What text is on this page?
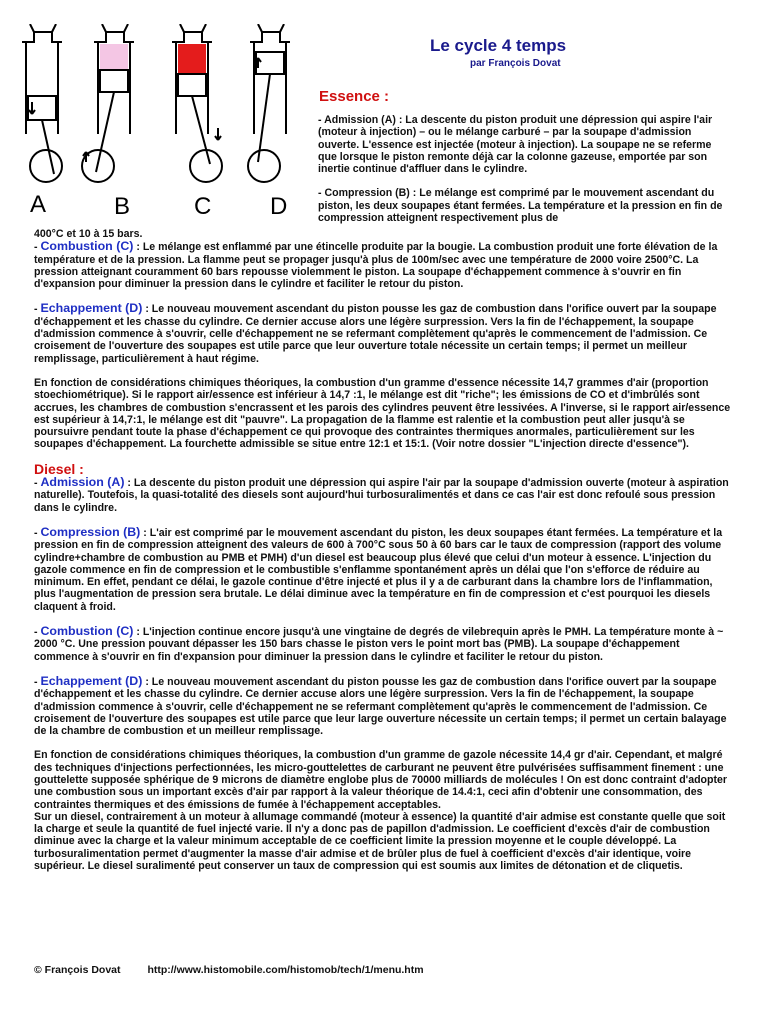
A	B	C D
Le cycle 4 temps
par François Dovat
Essence :

- Admission (A) : La descente du piston produit une dépression qui aspire l'air (moteur à injection) – ou le mélange carburé – par la soupape d'admission ouverte. L'essence est injectée (moteur à injection). La soupape ne se referme que lorsque le piston remonte déjà car la colonne gazeuse, emportée par son inertie continue d'affluer dans le cylindre.

- Compression (B) : Le mélange est comprimé par le mouvement ascendant du piston, les deux soupapes étant fermées. La température et la pression en fin de compression atteignent respectivement plus de

400°C et 10 à 15 bars.

- Combustion (C) : Le mélange est enflammé par une étincelle produite par la bougie. La combustion produit une forte élévation de la température et de la pression. La flamme peut se propager jusqu'à plus de 100m/sec avec une température de 2000 voire 2500°C. La pression atteignant couramment 60 bars repousse violemment le piston. La soupape d'échappement commence à s'ouvrir en fin d'expansion pour diminuer la pression dans le cylindre et faciliter le retour du piston.

- Echappement (D) : Le nouveau mouvement ascendant du piston pousse les gaz de combustion dans l'orifice ouvert par la soupape d'échappement et les chasse du cylindre. Ce dernier accuse alors une légère surpression. Vers la fin de l'échappement, la soupape d'admission commence à s'ouvrir, celle d'échappement ne se refermant complètement qu'après le commencement de l'admission. Ce croisement de l'ouverture des soupapes est utile parce que leur ouverture totale nécessite un certain temps; il permet un meilleur remplissage, particulièrement à haut régime.

En fonction de considérations chimiques théoriques, la combustion d'un gramme d'essence nécessite 14,7 grammes d'air (proportion stoechiométrique). Si le rapport air/essence est inférieur à 14,7 :1, le mélange est dit "riche"; les émissions de CO et d'imbrûlés sont accrues, les chambres de combustion s'encrassent et les parois des cylindres peuvent être lessivées. A l'inverse, si le rapport air/essence est supérieur à 14,7:1, le mélange est dit "pauvre". La propagation de la flamme est ralentie et la combustion peut aller jusqu'à se poursuivre pendant toute la phase d'échappement ce qui provoque des contraintes thermiques anormales, particulièrement sur les soupapes d'échappement. La fourchette admissible se situe entre 12:1 et 15:1. (Voir notre dossier "L'injection directe d'essence").

Diesel :

- Admission (A) : La descente du piston produit une dépression qui aspire l'air par la soupape d'admission ouverte (moteur à aspiration naturelle). Toutefois, la quasi-totalité des diesels sont aujourd'hui turbosuralimentés et dans ce cas l'air est donc refoulé sous pression dans le cylindre.

- Compression (B) : L'air est comprimé par le mouvement ascendant du piston, les deux soupapes étant fermées. La température et la pression en fin de compression atteignent des valeurs de 600 à 700°C sous 50 à 60 bars car le taux de compression (rapport des volume cylindre+chambre de combustion au PMB et PMH) d'un diesel est beaucoup plus élevé que celui d'un moteur à essence. L'injection du gazole commence en fin de compression et le combustible s'enflamme spontanément après un délai que l'on s'efforce de réduire au minimum. En effet, pendant ce délai, le gazole continue d'être injecté et plus il y a de carburant dans la chambre lors de l'inflammation, plus l'augmentation de pression sera brutale. Le délai diminue avec la température en fin de compression et c'est pourquoi les diesels claquent à froid.

- Combustion (C) : L'injection continue encore jusqu'à une vingtaine de degrés de vilebrequin après le PMH. La température monte à ~ 2000 °C. Une pression pouvant dépasser les 150 bars chasse le piston vers le point mort bas (PMB). La soupape d'échappement commence à s'ouvrir en fin d'expansion pour diminuer la pression dans le cylindre et faciliter le retour du piston.

- Echappement (D) : Le nouveau mouvement ascendant du piston pousse les gaz de combustion dans l'orifice ouvert par la soupape d'échappement et les chasse du cylindre. Ce dernier accuse alors une légère surpression. Vers la fin de l'échappement, la soupape d'admission commence à s'ouvrir, celle d'échappement ne se refermant complètement qu'après le commencement de l'admission. Ce croisement de l'ouverture des soupapes est utile parce que leur large ouverture nécessite un certain temps; il permet un certain balayage de la chambre de combustion et un meilleur remplissage.

En fonction de considérations chimiques théoriques, la combustion d'un gramme de gazole nécessite 14,4 gr d'air. Cependant, et malgré des techniques d'injections perfectionnées, les micro-gouttelettes de carburant ne peuvent être pulvérisées suffisamment finement : une gouttelette supposée sphérique de 9 microns de diamètre englobe plus de 70000 milliards de molécules ! On est donc contraint d'adopter une combustion sous un important excès d'air par rapport à la valeur théorique de 14.4:1, ceci afin d'obtenir une consommation, des contraintes thermiques et des émissions de fumée à l'échappement acceptables.

Sur un diesel, contrairement à un moteur à allumage commandé (moteur à essence) la quantité d'air admise est constante quelle que soit la charge et seule la quantité de fuel injecté varie. Il n'y a donc pas de papillon d'admission. Le coefficient d'excès d'air de combustion diminue avec la charge et la valeur minimum acceptable de ce coefficient limite la pression moyenne et le couple développé. La turbosuralimentation permet d'augmenter la masse d'air admise et de brûler plus de fuel à coefficient d'excès d'air identique, voire supérieur. Le diesel suralimenté peut conserver un taux de compression qui est soumis aux limites de détonation et de cliquetis.

© François Dovat	http://www.histomobile.com/histomob/tech/1/menu.htm
